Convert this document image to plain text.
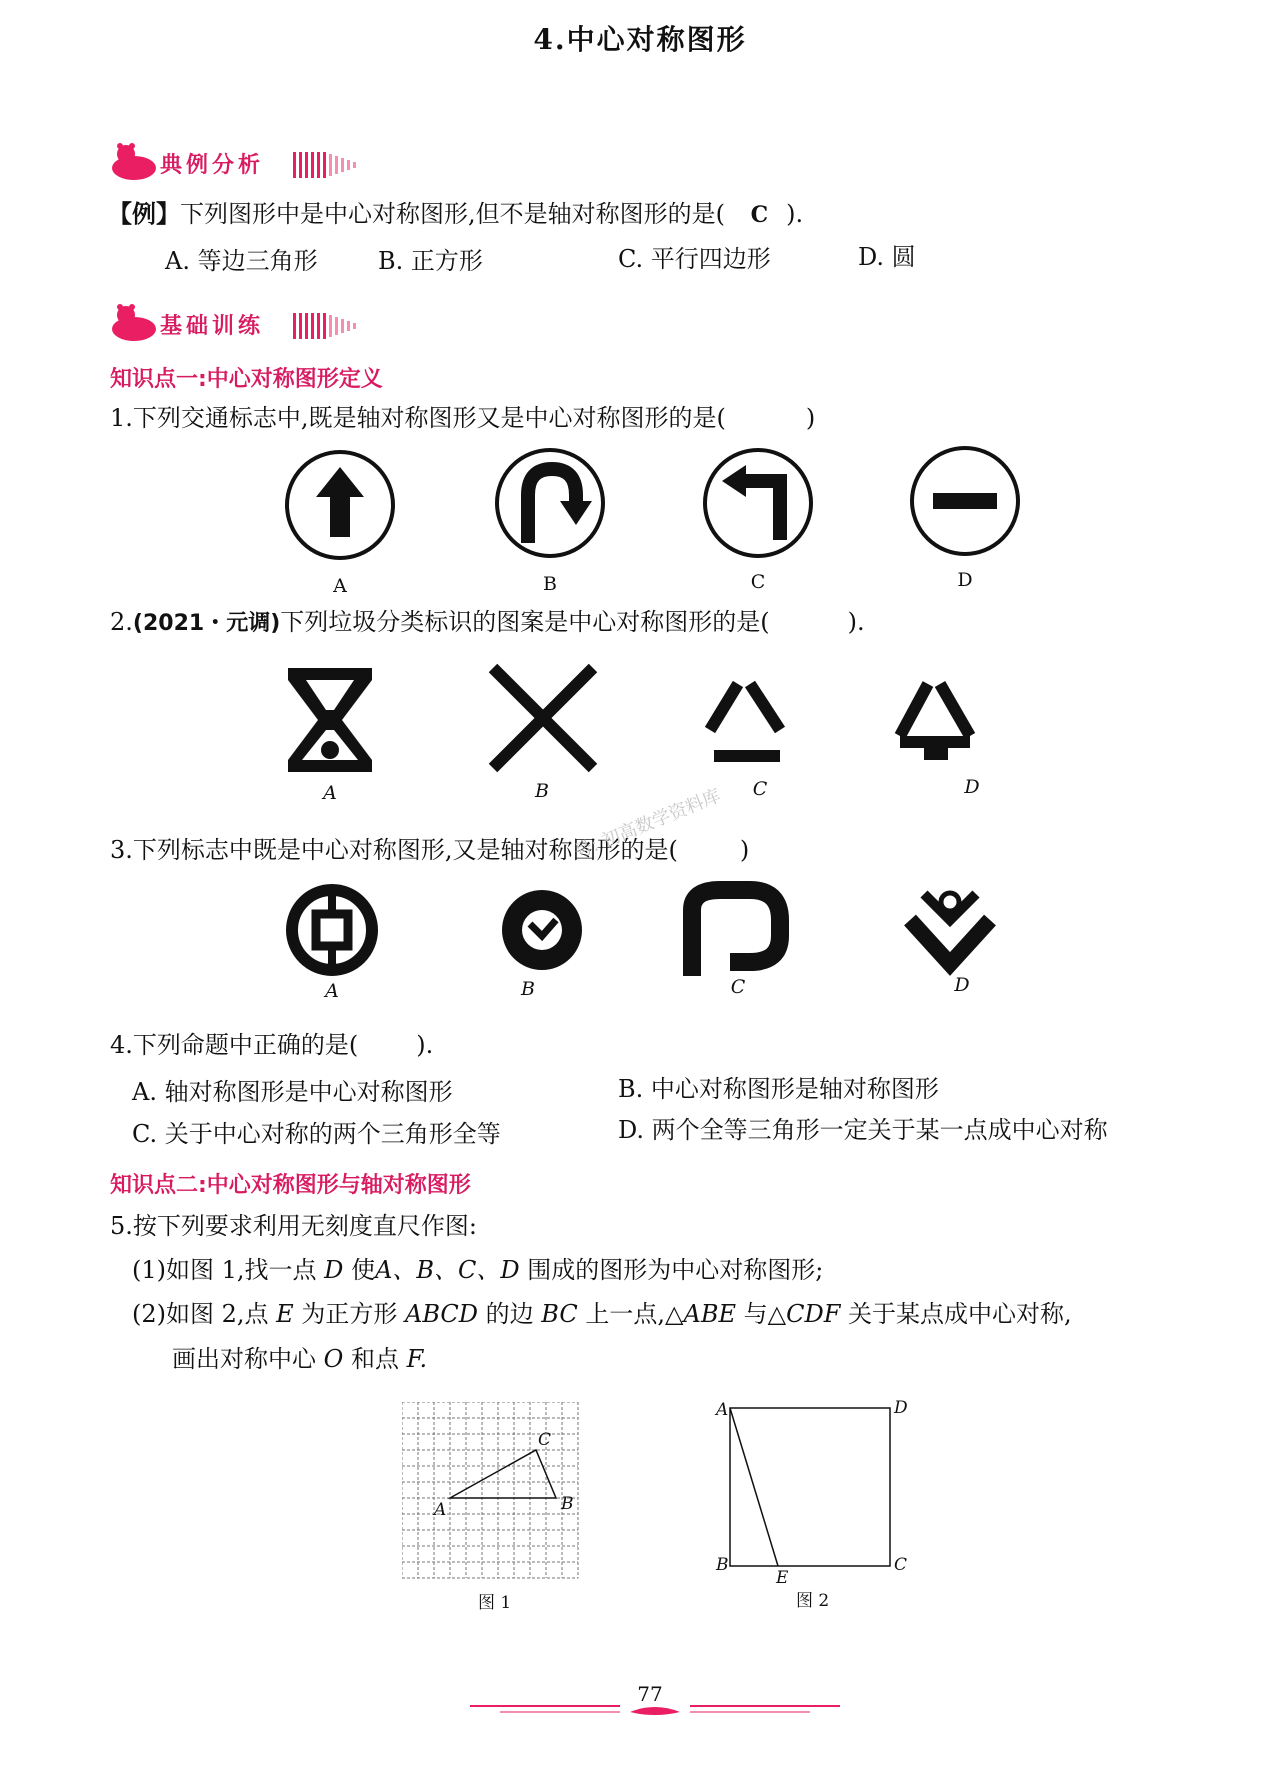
4.中心对称图形
典例分析
【例】下列图形中是中心对称图形,但不是轴对称图形的是( C ).
A. 等边三角形	B. 正方形	C. 平行四边形	D. 圆
基础训练
知识点一:中心对称图形定义
1.下列交通标志中,既是轴对称图形又是中心对称图形的是(	)
A	B	C	D
2.(2021・元调)下列垃圾分类标识的图案是中心对称图形的是(	).
A	B	C	D
3.下列标志中既是中心对称图形,又是轴对称图形的是(	)
号: 初高数学资料库
A	B	C	D
4.下列命题中正确的是( ).
A. 轴对称图形是中心对称图形	B. 中心对称图形是轴对称图形
C. 关于中心对称的两个三角形全等	D. 两个全等三角形一定关于某一点成中心对称
知识点二:中心对称图形与轴对称图形
5.按下列要求利用无刻度直尺作图:
(1)如图 1,找一点 D 使A、B、C、D 围成的图形为中心对称图形;
(2)如图 2,点 E 为正方形 ABCD 的边 BC 上一点,△ABE 与△CDF 关于某点成中心对称,
画出对称中心 O 和点 F.
A	B
C
图 1
A	D
B
E
C
图 2
77
